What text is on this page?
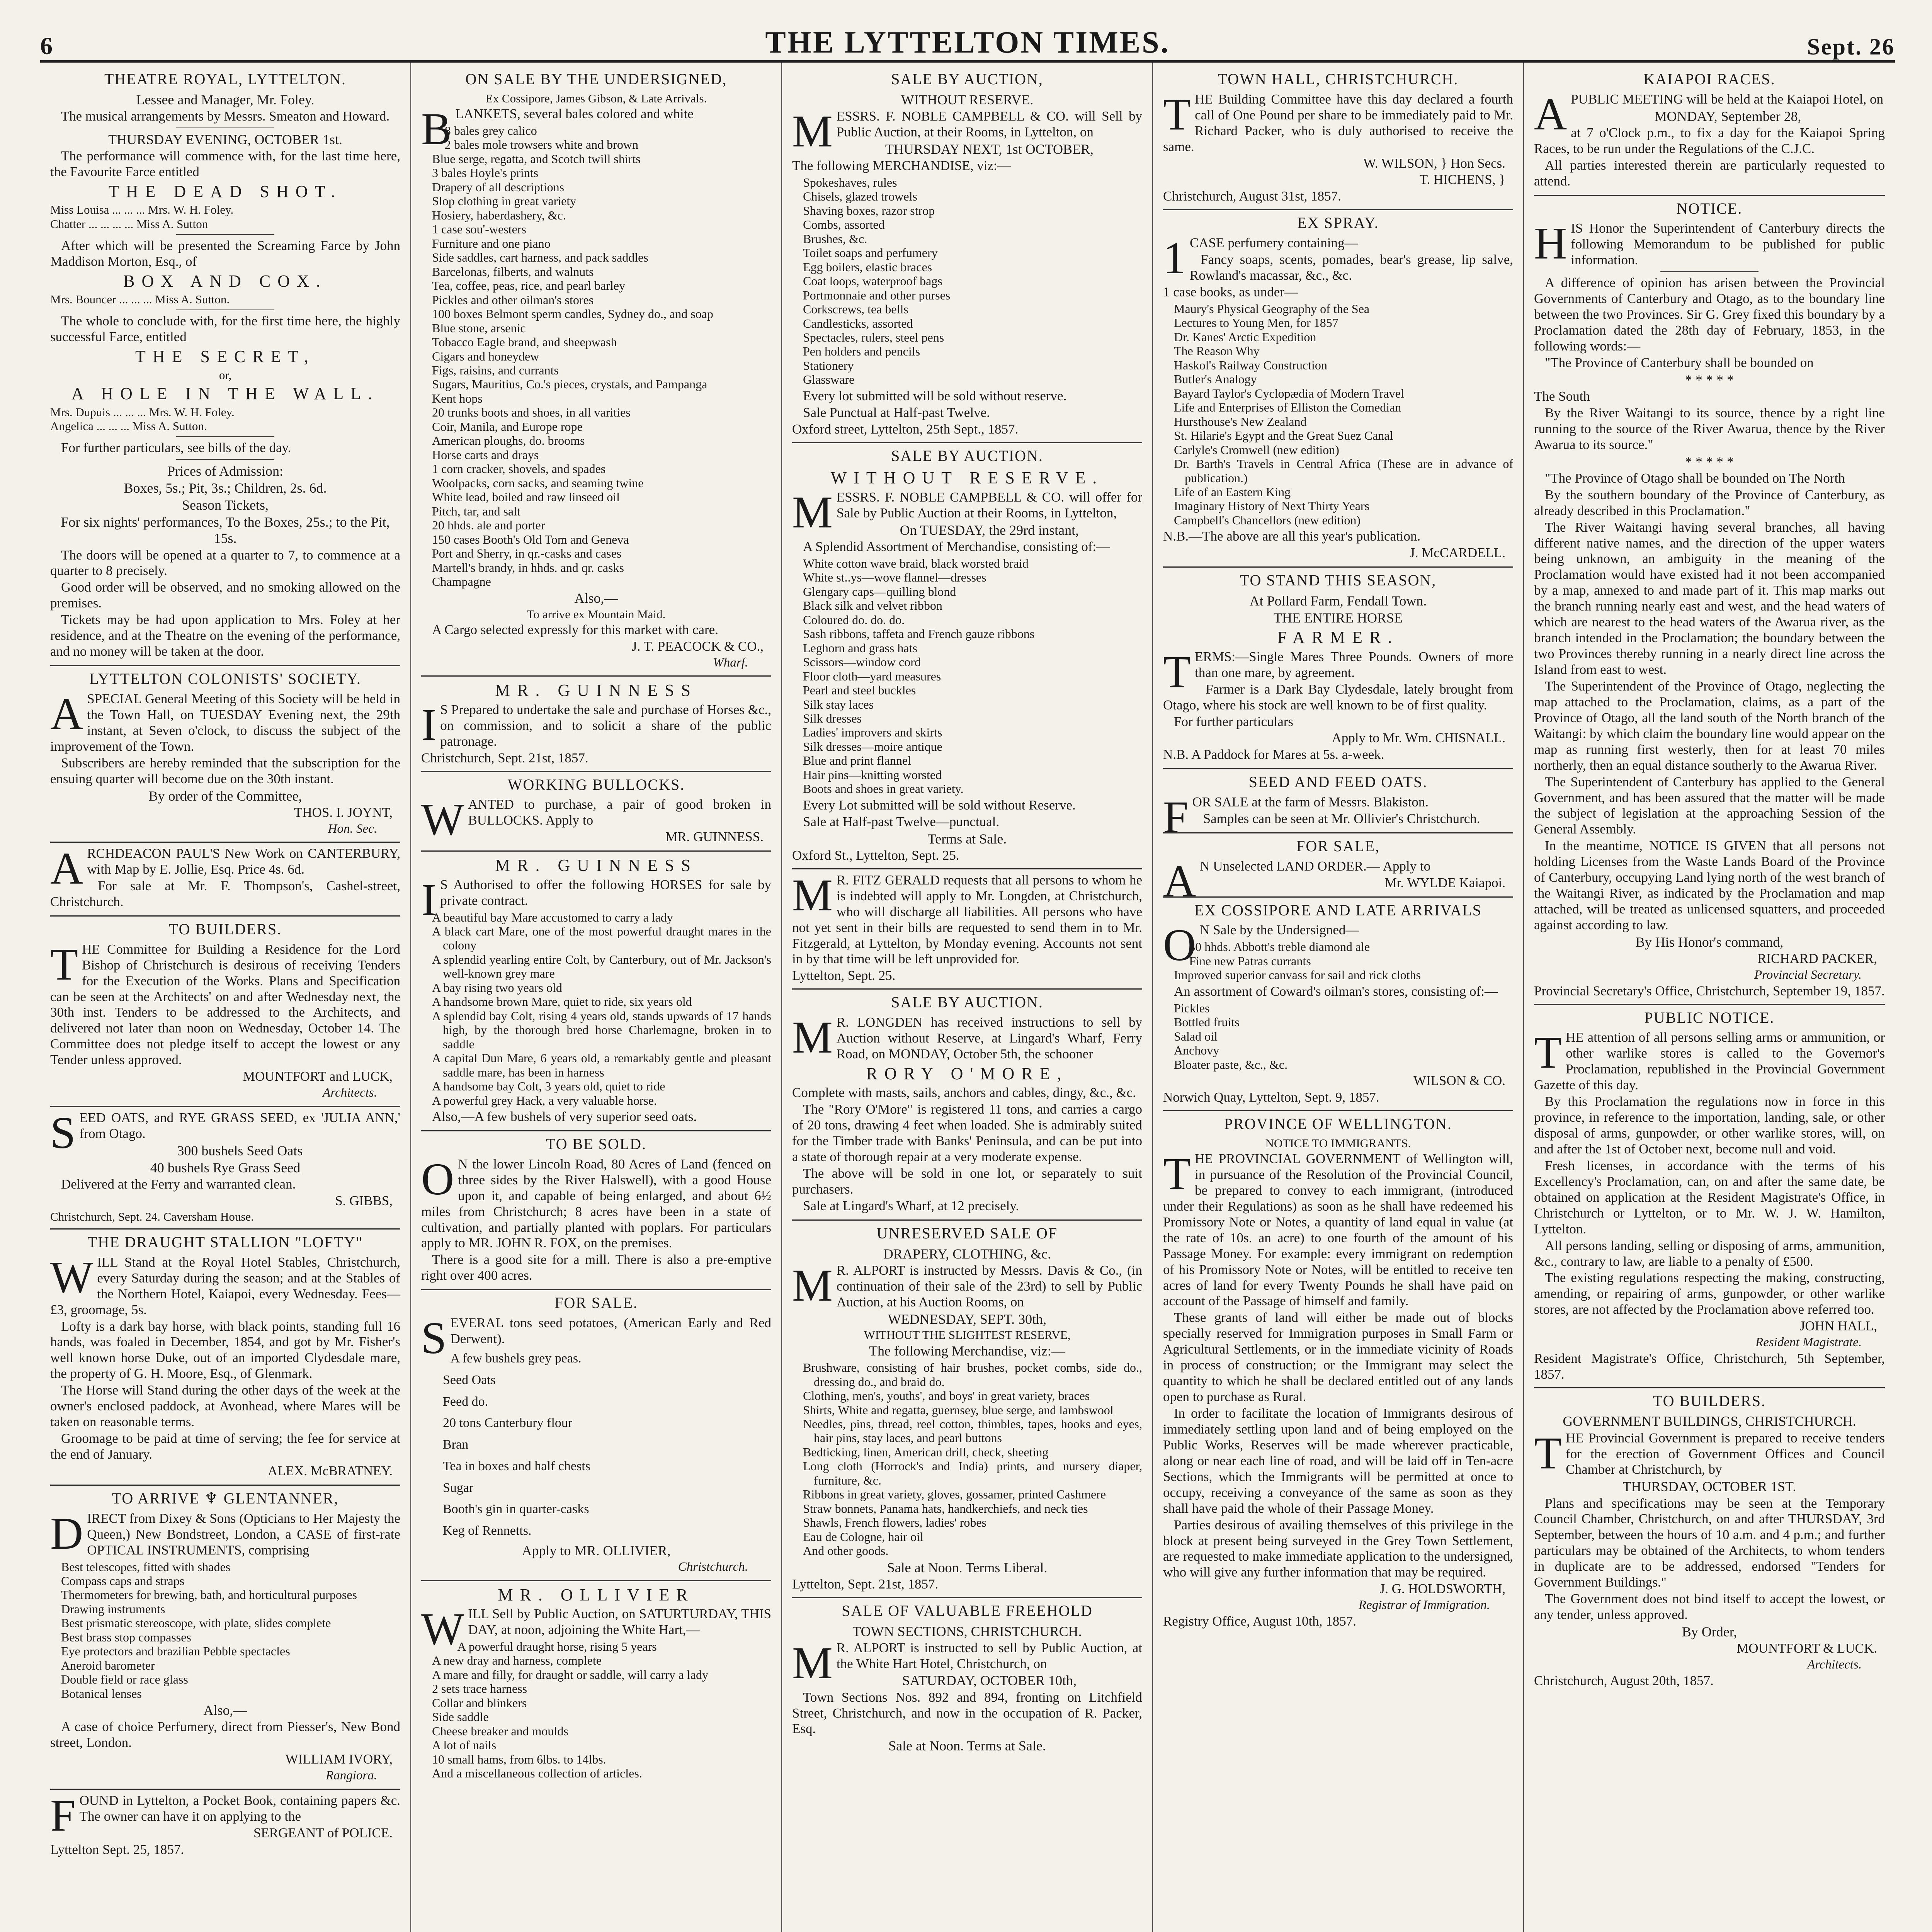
6	THE LYTTELTON TIMES.	Sept. 26
THEATRE ROYAL, LYTTELTON.
Lessee and Manager, Mr. Foley.

The musical arrangements by Messrs. Smeaton and Howard.

THURSDAY EVENING, OCTOBER 1st.

The performance will commence with, for the last time here, the Favourite Farce entitled

THE DEAD SHOT.
Miss Louisa ... ... ... Mrs. W. H. Foley.
Chatter ... ... ... ... Miss A. Sutton

After which will be presented the Screaming Farce by John Maddison Morton, Esq., of

BOX AND COX.
Mrs. Bouncer ... ... ... Miss A. Sutton.

The whole to conclude with, for the first time here, the highly successful Farce, entitled

THE SECRET,
or,
A HOLE IN THE WALL.
Mrs. Dupuis ... ... ... Mrs. W. H. Foley.
Angelica ... ... ... Miss A. Sutton.

For further particulars, see bills of the day.

Prices of Admission:
Boxes, 5s.; Pit, 3s.; Children, 2s. 6d.
Season Tickets,
For six nights' performances, To the Boxes, 25s.; to the Pit, 15s.

The doors will be opened at a quarter to 7, to commence at a quarter to 8 precisely.

Good order will be observed, and no smoking allowed on the premises.

Tickets may be had upon application to Mrs. Foley at her residence, and at the Theatre on the evening of the performance, and no money will be taken at the door.

LYTTELTON COLONISTS' SOCIETY.

ASPECIAL General Meeting of this Society will be held in the Town Hall, on TUESDAY Evening next, the 29th instant, at Seven o'clock, to discuss the subject of the improvement of the Town.

Subscribers are hereby reminded that the subscription for the ensuing quarter will become due on the 30th instant.

By order of the Committee,
THOS. I. JOYNT,
Hon. Sec.

ARCHDEACON PAUL'S New Work on CANTERBURY, with Map by E. Jollie, Esq. Price 4s. 6d.

For sale at Mr. F. Thompson's, Cashel-street, Christchurch.

TO BUILDERS.

THE Committee for Building a Residence for the Lord Bishop of Christchurch is desirous of receiving Tenders for the Execution of the Works. Plans and Specification can be seen at the Architects' on and after Wednesday next, the 30th inst. Tenders to be addressed to the Architects, and delivered not later than noon on Wednesday, October 14. The Committee does not pledge itself to accept the lowest or any Tender unless approved.

MOUNTFORT and LUCK,
Architects.

SEED OATS, and RYE GRASS SEED, ex 'JULIA ANN,' from Otago.

300 bushels Seed Oats
40 bushels Rye Grass Seed

Delivered at the Ferry and warranted clean.

S. GIBBS,
Christchurch, Sept. 24. Caversham House.
THE DRAUGHT STALLION "LOFTY"

WILL Stand at the Royal Hotel Stables, Christchurch, every Saturday during the season; and at the Stables of the Northern Hotel, Kaiapoi, every Wednesday. Fees—£3, groomage, 5s.

Lofty is a dark bay horse, with black points, standing full 16 hands, was foaled in December, 1854, and got by Mr. Fisher's well known horse Duke, out of an imported Clydesdale mare, the property of G. H. Moore, Esq., of Glenmark.

The Horse will Stand during the other days of the week at the owner's enclosed paddock, at Avonhead, where Mares will be taken on reasonable terms.

Groomage to be paid at time of serving; the fee for service at the end of January.

ALEX. McBRATNEY.
TO ARRIVE ♆ GLENTANNER,

DIRECT from Dixey & Sons (Opticians to Her Majesty the Queen,) New Bondstreet, London, a CASE of first-rate OPTICAL INSTRUMENTS, comprising

Best telescopes, fitted with shades
Compass caps and straps
Thermometers for brewing, bath, and horticultural purposes
Drawing instruments
Best prismatic stereoscope, with plate, slides complete
Best brass stop compasses
Eye protectors and brazilian Pebble spectacles
Aneroid barometer
Double field or race glass
Botanical lenses
Also,—

A case of choice Perfumery, direct from Piesser's, New Bond street, London.

WILLIAM IVORY,
Rangiora.

FOUND in Lyttelton, a Pocket Book, containing papers &c. The owner can have it on applying to the

SERGEANT of POLICE.
Lyttelton Sept. 25, 1857.
ON SALE BY THE UNDERSIGNED,
Ex Cossipore, James Gibson, & Late Arrivals.

BLANKETS, several bales colored and white

8 bales grey calico
2 bales mole trowsers white and brown
Blue serge, regatta, and Scotch twill shirts
3 bales Hoyle's prints
Drapery of all descriptions
Slop clothing in great variety
Hosiery, haberdashery, &c.
1 case sou'-westers
Furniture and one piano
Side saddles, cart harness, and pack saddles
Barcelonas, filberts, and walnuts
Tea, coffee, peas, rice, and pearl barley
Pickles and other oilman's stores
100 boxes Belmont sperm candles, Sydney do., and soap
Blue stone, arsenic
Tobacco Eagle brand, and sheepwash
Cigars and honeydew
Figs, raisins, and currants
Sugars, Mauritius, Co.'s pieces, crystals, and Pampanga
Kent hops
20 trunks boots and shoes, in all varities
Coir, Manila, and Europe rope
American ploughs, do. brooms
Horse carts and drays
1 corn cracker, shovels, and spades
Woolpacks, corn sacks, and seaming twine
White lead, boiled and raw linseed oil
Pitch, tar, and salt
20 hhds. ale and porter
150 cases Booth's Old Tom and Geneva
Port and Sherry, in qr.-casks and cases
Martell's brandy, in hhds. and qr. casks
Champagne
Also,—
To arrive ex Mountain Maid.

A Cargo selected expressly for this market with care.

J. T. PEACOCK & CO.,
Wharf.
MR. GUINNESS

I S Prepared to undertake the sale and purchase of Horses &c., on commission, and to solicit a share of the public patronage.

Christchurch, Sept. 21st, 1857.
WORKING BULLOCKS.

WANTED to purchase, a pair of good broken in BULLOCKS. Apply to

MR. GUINNESS.
MR. GUINNESS

I S Authorised to offer the following HORSES for sale by private contract.

A beautiful bay Mare accustomed to carry a lady
A black cart Mare, one of the most powerful draught mares in the colony
A splendid yearling entire Colt, by Canterbury, out of Mr. Jackson's well-known grey mare
A bay rising two years old
A handsome brown Mare, quiet to ride, six years old
A splendid bay Colt, rising 4 years old, stands upwards of 17 hands high, by the thorough bred horse Charlemagne, broken in to saddle
A capital Dun Mare, 6 years old, a remarkably gentle and pleasant saddle mare, has been in harness
A handsome bay Colt, 3 years old, quiet to ride
A powerful grey Hack, a very valuable horse.

Also,—A few bushels of very superior seed oats.

TO BE SOLD.

O N the lower Lincoln Road, 80 Acres of Land (fenced on three sides by the River Halswell), with a good House upon it, and capable of being enlarged, and about 6½ miles from Christchurch; 8 acres have been in a state of cultivation, and partially planted with poplars. For particulars apply to MR. JOHN R. FOX, on the premises.

There is a good site for a mill. There is also a pre-emptive right over 400 acres.

FOR SALE.

SEVERAL tons seed potatoes, (American Early and Red Derwent).

A few bushels grey peas.
Seed Oats
Feed do.
20 tons Canterbury flour
Bran
Tea in boxes and half chests
Sugar
Booth's gin in quarter-casks
Keg of Rennetts.
Apply to MR. OLLIVIER,
Christchurch.
MR. OLLIVIER

WILL Sell by Public Auction, on SATURTURDAY, THIS DAY, at noon, adjoining the White Hart,—

A powerful draught horse, rising 5 years
A new dray and harness, complete
A mare and filly, for draught or saddle, will carry a lady
2 sets trace harness
Collar and blinkers
Side saddle
Cheese breaker and moulds
A lot of nails
10 small hams, from 6lbs. to 14lbs.
And a miscellaneous collection of articles.
SALE BY AUCTION,
WITHOUT RESERVE.

MESSRS. F. NOBLE CAMPBELL & CO. will Sell by Public Auction, at their Rooms, in Lyttelton, on

THURSDAY NEXT, 1st OCTOBER,

The following MERCHANDISE, viz:—

Spokeshaves, rules
Chisels, glazed trowels
Shaving boxes, razor strop
Combs, assorted
Brushes, &c.
Toilet soaps and perfumery
Egg boilers, elastic braces
Coat loops, waterproof bags
Portmonnaie and other purses
Corkscrews, tea bells
Candlesticks, assorted
Spectacles, rulers, steel pens
Pen holders and pencils
Stationery
Glassware

Every lot submitted will be sold without reserve.

Sale Punctual at Half-past Twelve.

Oxford street, Lyttelton, 25th Sept., 1857.
SALE BY AUCTION.
WITHOUT RESERVE.

MESSRS. F. NOBLE CAMPBELL & CO. will offer for Sale by Public Auction at their Rooms, in Lyttelton,

On TUESDAY, the 29rd instant,

A Splendid Assortment of Merchandise, consisting of:—

White cotton wave braid, black worsted braid
White st..ys—wove flannel—dresses
Glengary caps—quilling blond
Black silk and velvet ribbon
Coloured do. do. do.
Sash ribbons, taffeta and French gauze ribbons
Leghorn and grass hats
Scissors—window cord
Floor cloth—yard measures
Pearl and steel buckles
Silk stay laces
Silk dresses
Ladies' improvers and skirts
Silk dresses—moire antique
Blue and print flannel
Hair pins—knitting worsted
Boots and shoes in great variety.

Every Lot submitted will be sold without Reserve.

Sale at Half-past Twelve—punctual.

Terms at Sale.
Oxford St., Lyttelton, Sept. 25.

M R. FITZ GERALD requests that all persons to whom he is indebted will apply to Mr. Longden, at Christchurch, who will discharge all liabilities. All persons who have not yet sent in their bills are requested to send them in to Mr. Fitzgerald, at Lyttelton, by Monday evening. Accounts not sent in by that time will be left unprovided for.

Lyttelton, Sept. 25.
SALE BY AUCTION.

M R. LONGDEN has received instructions to sell by Auction without Reserve, at Lingard's Wharf, Ferry Road, on MONDAY, October 5th, the schooner

RORY O'MORE,

Complete with masts, sails, anchors and cables, dingy, &c., &c.

The "Rory O'More" is registered 11 tons, and carries a cargo of 20 tons, drawing 4 feet when loaded. She is admirably suited for the Timber trade with Banks' Peninsula, and can be put into a state of thorough repair at a very moderate expense.

The above will be sold in one lot, or separately to suit purchasers.

Sale at Lingard's Wharf, at 12 precisely.

UNRESERVED SALE OF
DRAPERY, CLOTHING, &c.

M R. ALPORT is instructed by Messrs. Davis & Co., (in continuation of their sale of the 23rd) to sell by Public Auction, at his Auction Rooms, on

WEDNESDAY, SEPT. 30th,
WITHOUT THE SLIGHTEST RESERVE,
The following Merchandise, viz:—
Brushware, consisting of hair brushes, pocket combs, side do., dressing do., and braid do.
Clothing, men's, youths', and boys' in great variety, braces
Shirts, White and regatta, guernsey, blue serge, and lambswool
Needles, pins, thread, reel cotton, thimbles, tapes, hooks and eyes, hair pins, stay laces, and pearl buttons
Bedticking, linen, American drill, check, sheeting
Long cloth (Horrock's and India) prints, and nursery diaper, furniture, &c.
Ribbons in great variety, gloves, gossamer, printed Cashmere
Straw bonnets, Panama hats, handkerchiefs, and neck ties
Shawls, French flowers, ladies' robes
Eau de Cologne, hair oil
And other goods.
Sale at Noon. Terms Liberal.
Lyttelton, Sept. 21st, 1857.
SALE OF VALUABLE FREEHOLD
TOWN SECTIONS, CHRISTCHURCH.

M R. ALPORT is instructed to sell by Public Auction, at the White Hart Hotel, Christchurch, on

SATURDAY, OCTOBER 10th,

Town Sections Nos. 892 and 894, fronting on Litchfield Street, Christchurch, and now in the occupation of R. Packer, Esq.

Sale at Noon. Terms at Sale.
TOWN HALL, CHRISTCHURCH.

THE Building Committee have this day declared a fourth call of One Pound per share to be immediately paid to Mr. Richard Packer, who is duly authorised to receive the same.

W. WILSON, } Hon Secs.
T. HICHENS, }
Christchurch, August 31st, 1857.
EX SPRAY.

1 CASE perfumery containing—

Fancy soaps, scents, pomades, bear's grease, lip salve, Rowland's macassar, &c., &c.

1 case books, as under—

Maury's Physical Geography of the Sea
Lectures to Young Men, for 1857
Dr. Kanes' Arctic Expedition
The Reason Why
Haskol's Railway Construction
Butler's Analogy
Bayard Taylor's Cyclopædia of Modern Travel
Life and Enterprises of Elliston the Comedian
Hursthouse's New Zealand
St. Hilarie's Egypt and the Great Suez Canal
Carlyle's Cromwell (new edition)
Dr. Barth's Travels in Central Africa (These are in advance of publication.)
Life of an Eastern King
Imaginary History of Next Thirty Years
Campbell's Chancellors (new edition)

N.B.—The above are all this year's publication.

J. McCARDELL.
TO STAND THIS SEASON,
At Pollard Farm, Fendall Town.
THE ENTIRE HORSE
FARMER.

TERMS:—Single Mares Three Pounds. Owners of more than one mare, by agreement.

Farmer is a Dark Bay Clydesdale, lately brought from Otago, where his stock are well known to be of first quality.

For further particulars

Apply to Mr. Wm. CHISNALL.

N.B. A Paddock for Mares at 5s. a-week.

SEED AND FEED OATS.

FOR SALE at the farm of Messrs. Blakiston.

Samples can be seen at Mr. Ollivier's Christchurch.

FOR SALE,

A N Unselected LAND ORDER.— Apply to

Mr. WYLDE Kaiapoi.
EX COSSIPORE AND LATE ARRIVALS

O N Sale by the Undersigned—

30 hhds. Abbott's treble diamond ale
Fine new Patras currants
Improved superior canvass for sail and rick cloths

An assortment of Coward's oilman's stores, consisting of:—

Pickles
Bottled fruits
Salad oil
Anchovy
Bloater paste, &c., &c.
WILSON & CO.
Norwich Quay, Lyttelton, Sept. 9, 1857.
PROVINCE OF WELLINGTON.
NOTICE TO IMMIGRANTS.

THE PROVINCIAL GOVERNMENT of Wellington will, in pursuance of the Resolution of the Provincial Council, be prepared to convey to each immigrant, (introduced under their Regulations) as soon as he shall have redeemed his Promissory Note or Notes, a quantity of land equal in value (at the rate of 10s. an acre) to one fourth of the amount of his Passage Money. For example: every immigrant on redemption of his Promissory Note or Notes, will be entitled to receive ten acres of land for every Twenty Pounds he shall have paid on account of the Passage of himself and family.

These grants of land will either be made out of blocks specially reserved for Immigration purposes in Small Farm or Agricultural Settlements, or in the immediate vicinity of Roads in process of construction; or the Immigrant may select the quantity to which he shall be declared entitled out of any lands open to purchase as Rural.

In order to facilitate the location of Immigrants desirous of immediately settling upon land and of being employed on the Public Works, Reserves will be made wherever practicable, along or near each line of road, and will be laid off in Ten-acre Sections, which the Immigrants will be permitted at once to occupy, receiving a conveyance of the same as soon as they shall have paid the whole of their Passage Money.

Parties desirous of availing themselves of this privilege in the block at present being surveyed in the Grey Town Settlement, are requested to make immediate application to the undersigned, who will give any further information that may be required.

J. G. HOLDSWORTH,
Registrar of Immigration.
Registry Office, August 10th, 1857.
KAIAPOI RACES.

APUBLIC MEETING will be held at the Kaiapoi Hotel, on

MONDAY, September 28,

at 7 o'Clock p.m., to fix a day for the Kaiapoi Spring Races, to be run under the Regulations of the C.J.C.

All parties interested therein are particularly requested to attend.

NOTICE.

HIS Honor the Superintendent of Canterbury directs the following Memorandum to be published for public information.

A difference of opinion has arisen between the Provincial Governments of Canterbury and Otago, as to the boundary line between the two Provinces. Sir G. Grey fixed this boundary by a Proclamation dated the 28th day of February, 1853, in the following words:—

"The Province of Canterbury shall be bounded on

* * * * *

The South

By the River Waitangi to its source, thence by a right line running to the source of the River Awarua, thence by the River Awarua to its source."

* * * * *

"The Province of Otago shall be bounded on The North

By the southern boundary of the Province of Canterbury, as already described in this Proclamation."

The River Waitangi having several branches, all having different native names, and the direction of the upper waters being unknown, an ambiguity in the meaning of the Proclamation would have existed had it not been accompanied by a map, annexed to and made part of it. This map marks out the branch running nearly east and west, and the head waters of which are nearest to the head waters of the Awarua river, as the branch intended in the Proclamation; the boundary between the two Provinces thereby running in a nearly direct line across the Island from east to west.

The Superintendent of the Province of Otago, neglecting the map attached to the Proclamation, claims, as a part of the Province of Otago, all the land south of the North branch of the Waitangi: by which claim the boundary line would appear on the map as running first westerly, then for at least 70 miles northerly, then an equal distance southerly to the Awarua River.

The Superintendent of Canterbury has applied to the General Government, and has been assured that the matter will be made the subject of legislation at the approaching Session of the General Assembly.

In the meantime, NOTICE IS GIVEN that all persons not holding Licenses from the Waste Lands Board of the Province of Canterbury, occupying Land lying north of the west branch of the Waitangi River, as indicated by the Proclamation and map attached, will be treated as unlicensed squatters, and proceeded against according to law.

By His Honor's command,
RICHARD PACKER,
Provincial Secretary.
Provincial Secretary's Office, Christchurch, September 19, 1857.
PUBLIC NOTICE.

THE attention of all persons selling arms or ammunition, or other warlike stores is called to the Governor's Proclamation, republished in the Provincial Government Gazette of this day.

By this Proclamation the regulations now in force in this province, in reference to the importation, landing, sale, or other disposal of arms, gunpowder, or other warlike stores, will, on and after the 1st of October next, become null and void.

Fresh licenses, in accordance with the terms of his Excellency's Proclamation, can, on and after the same date, be obtained on application at the Resident Magistrate's Office, in Christchurch or Lyttelton, or to Mr. W. J. W. Hamilton, Lyttelton.

All persons landing, selling or disposing of arms, ammunition, &c., contrary to law, are liable to a penalty of £500.

The existing regulations respecting the making, constructing, amending, or repairing of arms, gunpowder, or other warlike stores, are not affected by the Proclamation above referred too.

JOHN HALL,
Resident Magistrate.
Resident Magistrate's Office, Christchurch, 5th September, 1857.
TO BUILDERS.
GOVERNMENT BUILDINGS, CHRISTCHURCH.

THE Provincial Government is prepared to receive tenders for the erection of Government Offices and Council Chamber at Christchurch, by

THURSDAY, OCTOBER 1ST.

Plans and specifications may be seen at the Temporary Council Chamber, Christchurch, on and after THURSDAY, 3rd September, between the hours of 10 a.m. and 4 p.m.; and further particulars may be obtained of the Architects, to whom tenders in duplicate are to be addressed, endorsed "Tenders for Government Buildings."

The Government does not bind itself to accept the lowest, or any tender, unless approved.

By Order,
MOUNTFORT & LUCK.
Architects.
Christchurch, August 20th, 1857.
